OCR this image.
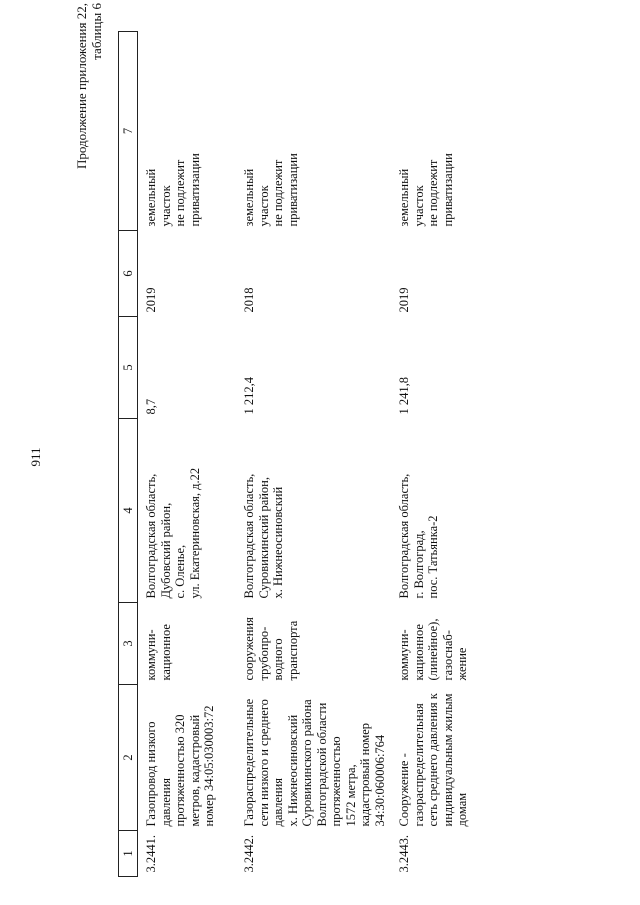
911
Продолжение приложения 22, таблицы 6
1	2	3	4	5	6	7
3.2441.	Газопровод низкого давления протяженностью 320 метров, кадастровый номер 34:05:030003:72	коммуни-
кационное	Волгоградская область,
Дубовский район,
с. Оленье,
ул. Екатериновская, д.22	8,7	2019	земельный
участок
не подлежит
приватизации
3.2442.	Газораспределительные сети низкого и среднего давления
х. Нижнеосиновский Суровикинского района Волгоградской области протяженностью
1572 метра,
кадастровый номер
34:30:060006:764	сооружения
трубопро-
водного
транспорта	Волгоградская область,
Суровикинский район,
х. Нижнеосиновский	1 212,4	2018	земельный
участок
не подлежит
приватизации
3.2443.	Сооружение -
газораспределительная сеть среднего давления к индивидуальным жилым домам	коммуни-
кационное
(линейное),
газоснаб-
жение	Волгоградская область,
г. Волгоград,
пос. Татьянка-2	1 241,8	2019	земельный
участок
не подлежит
приватизации
